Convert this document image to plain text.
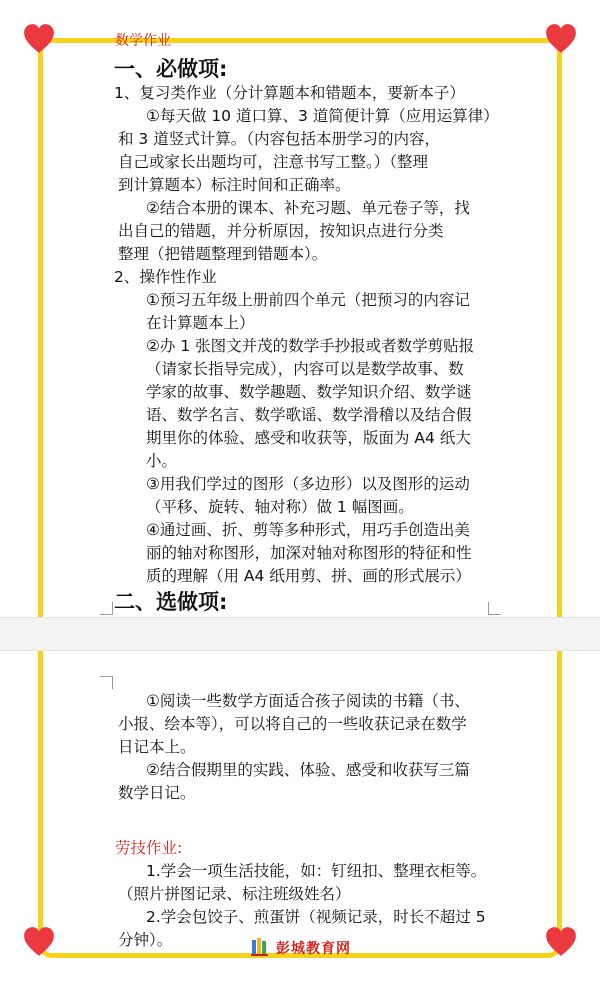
数学作业
一、必做项:
1、复习类作业（分计算题本和错题本，要新本子）
①每天做 10 道口算、3 道简便计算（应用运算律）
和 3 道竖式计算。（内容包括本册学习的内容，
自己或家长出题均可，注意书写工整。）（整理
到计算题本）标注时间和正确率。
②结合本册的课本、补充习题、单元卷子等，找
出自己的错题，并分析原因，按知识点进行分类
整理（把错题整理到错题本）。
2、操作性作业
①预习五年级上册前四个单元（把预习的内容记
在计算题本上）
②办 1 张图文并茂的数学手抄报或者数学剪贴报
（请家长指导完成），内容可以是数学故事、数
学家的故事、数学趣题、数学知识介绍、数学谜
语、数学名言、数学歌谣、数学滑稽以及结合假
期里你的体验、感受和收获等，版面为 A4 纸大
小。
③用我们学过的图形（多边形）以及图形的运动
（平移、旋转、轴对称）做 1 幅图画。
④通过画、折、剪等多种形式，用巧手创造出美
丽的轴对称图形，加深对轴对称图形的特征和性
质的理解（用 A4 纸用剪、拼、画的形式展示）
二、选做项:
①阅读一些数学方面适合孩子阅读的书籍（书、
小报、绘本等），可以将自己的一些收获记录在数学
日记本上。
②结合假期里的实践、体验、感受和收获写三篇
数学日记。
劳技作业:
1.学会一项生活技能，如：钉纽扣、整理衣柜等。
（照片拼图记录、标注班级姓名）
2.学会包饺子、煎蛋饼（视频记录，时长不超过 5
分钟）。	彭城教育网
